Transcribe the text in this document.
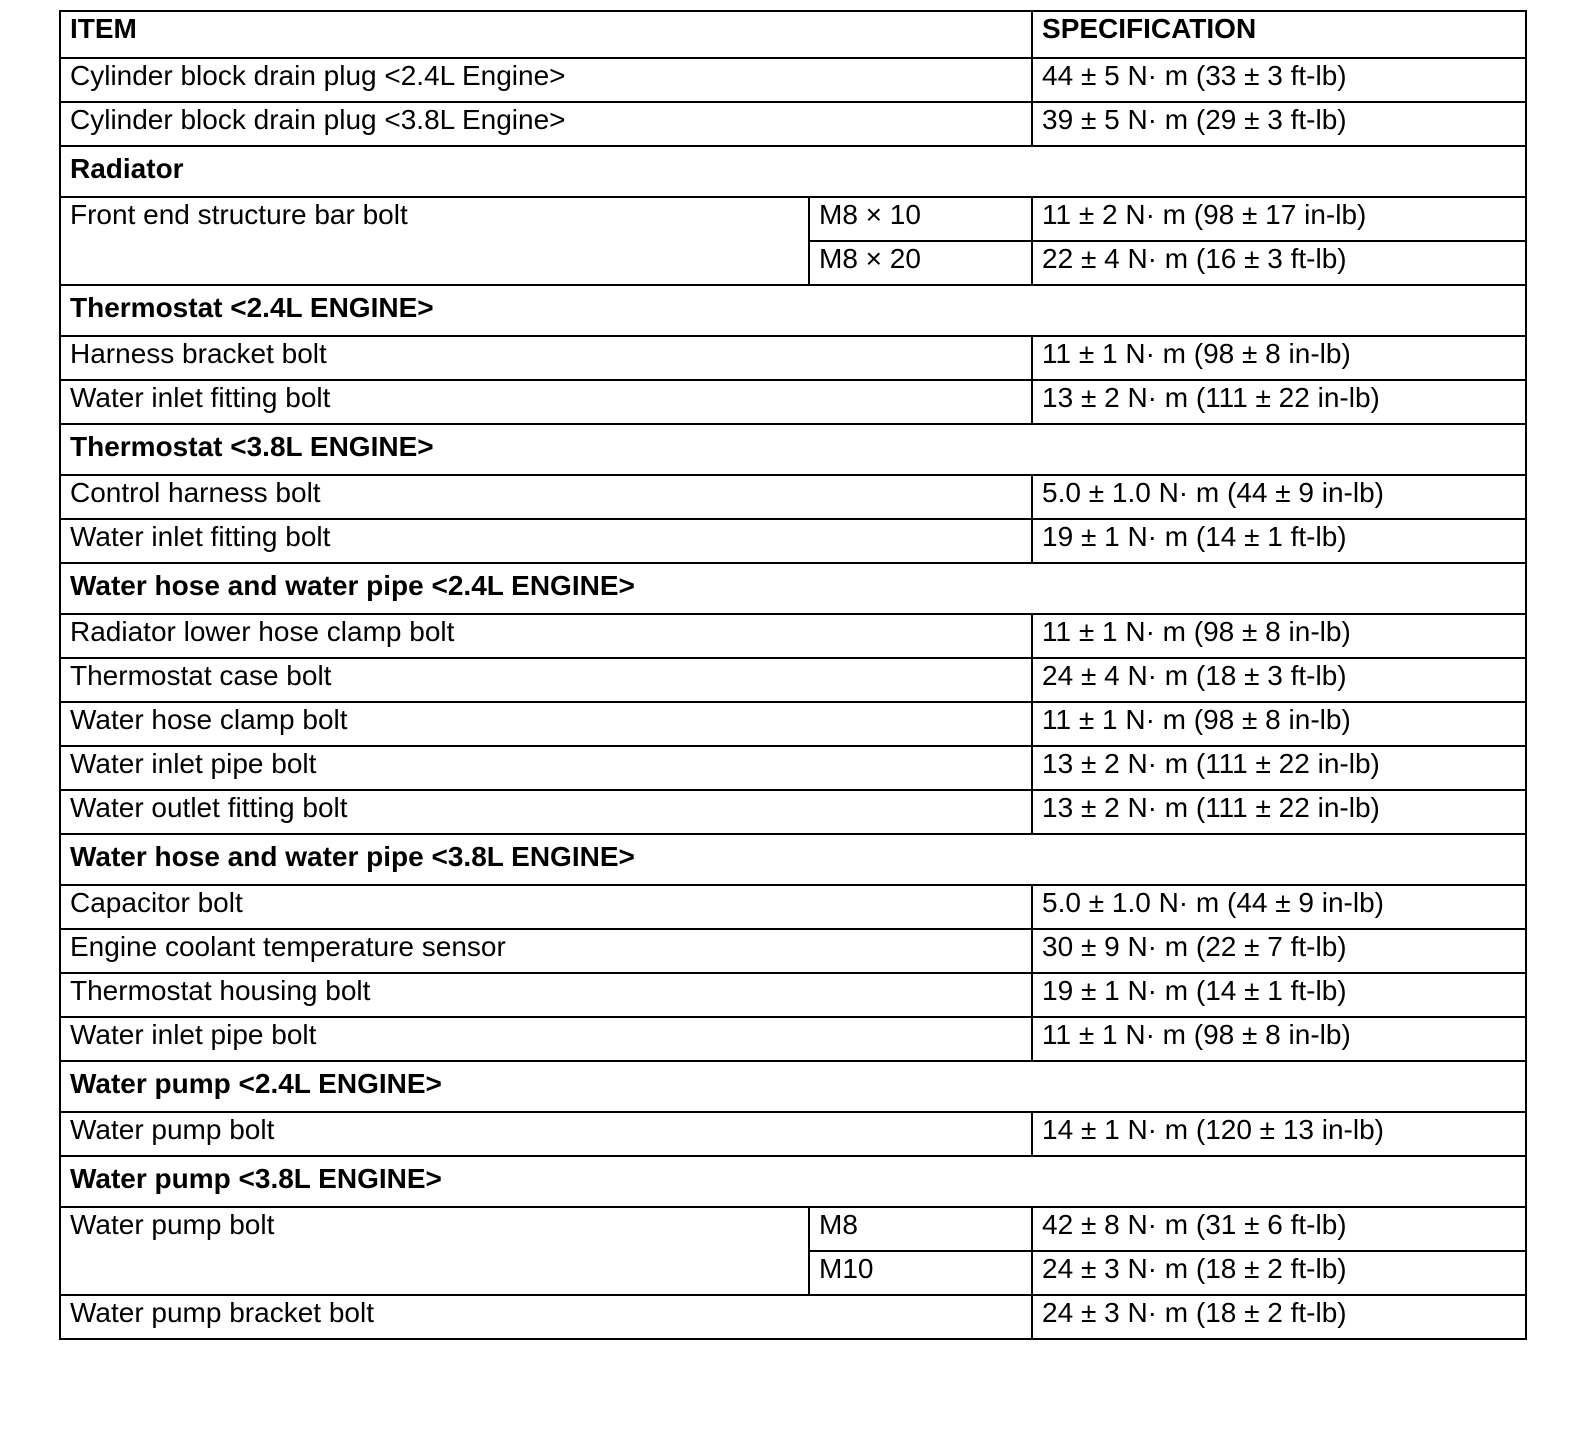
ITEM		SPECIFICATION
Cylinder block drain plug <2.4L Engine>		44 ± 5 N· m (33 ± 3 ft-lb)
Cylinder block drain plug <3.8L Engine>		39 ± 5 N· m (29 ± 3 ft-lb)
Radiator		
Front end structure bar bolt	M8 × 10	11 ± 2 N· m (98 ± 17 in-lb)
	M8 × 20	22 ± 4 N· m (16 ± 3 ft-lb)
Thermostat <2.4L ENGINE>		
Harness bracket bolt		11 ± 1 N· m (98 ± 8 in-lb)
Water inlet fitting bolt		13 ± 2 N· m (111 ± 22 in-lb)
Thermostat <3.8L ENGINE>		
Control harness bolt		5.0 ± 1.0 N· m (44 ± 9 in-lb)
Water inlet fitting bolt		19 ± 1 N· m (14 ± 1 ft-lb)
Water hose and water pipe <2.4L ENGINE>		
Radiator lower hose clamp bolt		11 ± 1 N· m (98 ± 8 in-lb)
Thermostat case bolt		24 ± 4 N· m (18 ± 3 ft-lb)
Water hose clamp bolt		11 ± 1 N· m (98 ± 8 in-lb)
Water inlet pipe bolt		13 ± 2 N· m (111 ± 22 in-lb)
Water outlet fitting bolt		13 ± 2 N· m (111 ± 22 in-lb)
Water hose and water pipe <3.8L ENGINE>		
Capacitor bolt		5.0 ± 1.0 N· m (44 ± 9 in-lb)
Engine coolant temperature sensor		30 ± 9 N· m (22 ± 7 ft-lb)
Thermostat housing bolt		19 ± 1 N· m (14 ± 1 ft-lb)
Water inlet pipe bolt		11 ± 1 N· m (98 ± 8 in-lb)
Water pump <2.4L ENGINE>		
Water pump bolt		14 ± 1 N· m (120 ± 13 in-lb)
Water pump <3.8L ENGINE>		
Water pump bolt	M8	42 ± 8 N· m (31 ± 6 ft-lb)
	M10	24 ± 3 N· m (18 ± 2 ft-lb)
Water pump bracket bolt		24 ± 3 N· m (18 ± 2 ft-lb)
